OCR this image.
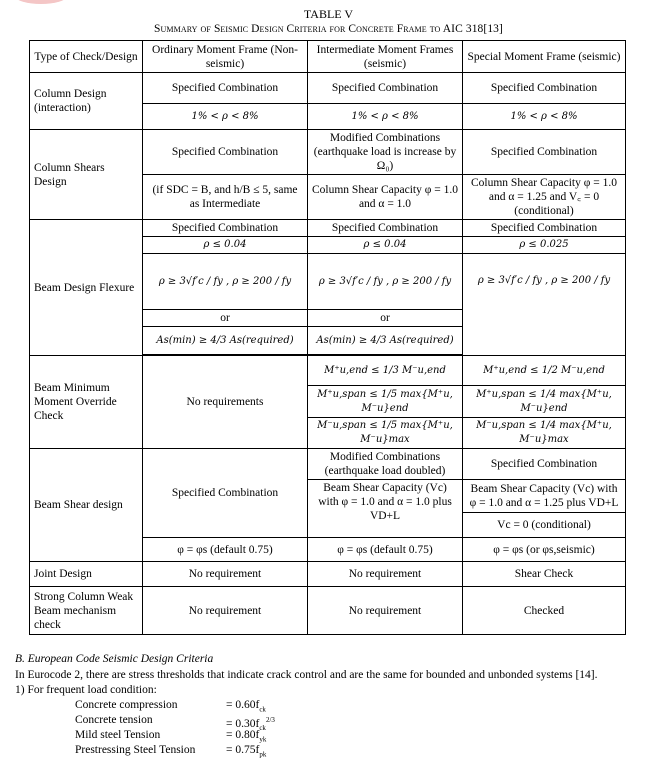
TABLE V
Summary of Seismic Design Criteria for Concrete Frame to AIC 318[13]
Type of Check/Design	Ordinary Moment Frame (Non-seismic)	Intermediate Moment Frames (seismic)	Special Moment Frame (seismic)
Column Design (interaction)	Specified Combination	Specified Combination	Specified Combination
	1% < ρ < 8%	1% < ρ < 8%	1% < ρ < 8%
Column Shears Design	Specified Combination	Modified Combinations (earthquake load is increase by Ω₀)	Specified Combination
	(if SDC = B, and h/B ≤ 5, same as Intermediate	Column Shear Capacity φ = 1.0 and α = 1.0	Column Shear Capacity φ = 1.0 and α = 1.25 and V꜀ = 0 (conditional)
Beam Design Flexure	Specified Combination	Specified Combination	Specified Combination
	ρ ≤ 0.04	ρ ≤ 0.04	ρ ≤ 0.025
	ρ ≥ 3√f′c / fy , ρ ≥ 200 / fy	ρ ≥ 3√f′c / fy , ρ ≥ 200 / fy	ρ ≥ 3√f′c / fy , ρ ≥ 200 / fy
	or	or	
	As(min) ≥ 4/3 As(required)	As(min) ≥ 4/3 As(required)	

Beam Minimum Moment Override Check	No requirements	M⁺u,end ≤ 1/3 M⁻u,end	M⁺u,end ≤ 1/2 M⁻u,end
		M⁺u,span ≤ 1/5 max{M⁺u, M⁻u}end	M⁺u,span ≤ 1/4 max{M⁺u, M⁻u}end
		M⁻u,span ≤ 1/5 max{M⁺u, M⁻u}max	M⁻u,span ≤ 1/4 max{M⁺u, M⁻u}max
Beam Shear design	Specified Combination	Modified Combinations (earthquake load doubled)	Specified Combination
		Beam Shear Capacity (Vc) with φ = 1.0 and α = 1.0 plus VD+L	Beam Shear Capacity (Vc) with φ = 1.0 and α = 1.25 plus VD+L
			Vc = 0 (conditional)
	φ = φs (default 0.75)	φ = φs (default 0.75)	φ = φs (or φs,seismic)
Joint Design	No requirement	No requirement	Shear Check
Strong Column Weak Beam mechanism check	No requirement	No requirement	Checked
B. European Code Seismic Design Criteria
In Eurocode 2, there are stress thresholds that indicate crack control and are the same for bounded and unbonded systems [14].
1) For frequent load condition:
Concrete compression	= $0.60f_{ck}$
Concrete tension	= $0.30f_{ck}^{2/3}$
Mild steel Tension	= $0.80f_{yk}$
Prestressing Steel Tension	= $0.75f_{pk}$
